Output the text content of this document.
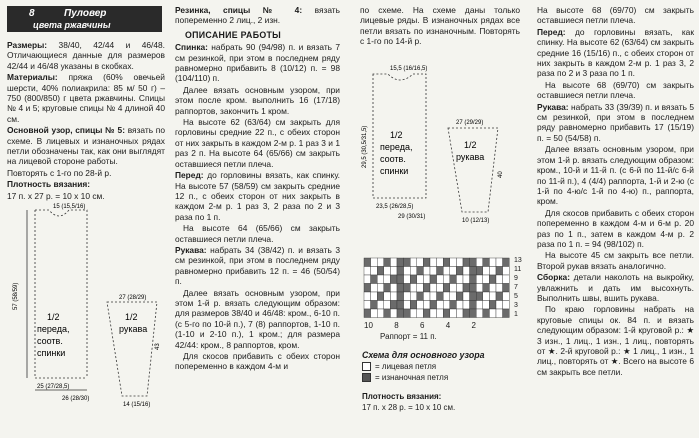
8	Пуловер
цвета ржавчины

Размеры: 38/40, 42/44 и 46/48. Отличающиеся данные для размеров 42/44 и 46/48 указаны в скобках.

Материалы: пряжа (60% овечьей шерсти, 40% полиакрила: 85 м/ 50 г) – 750 (800/850) г цвета ржавчины. Спицы № 4 и 5; круговые спицы № 4 длиной 40 см.

Основной узор, спицы № 5: вязать по схеме. В лицевых и изнаночных рядах петли обозначены так, как они выглядят на лицевой стороне работы.

Повторять с 1-го по 28-й р.

Плотность вязания:

17 п. x 27 р. = 10 x 10 см.

15 (15,5/16)
1/2
передa,
соотв.
спинки
57 (58/59)
25 (27/28,5)
26 (28/30)
27 (28/29)
1/2
рукава
43
14 (15/16)

Резинка, спицы № 4: вязать попеременно 2 лиц., 2 изн.

ОПИСАНИЕ РАБОТЫ

Спинка: набрать 90 (94/98) п. и вязать 7 см резинкой, при этом в последнем ряду равномерно прибавить 8 (10/12) п. = 98 (104/110) п.

Далее вязать основным узором, при этом после кром. выполнить 16 (17/18) раппортов, закончить 1 кром.

На высоте 62 (63/64) см закрыть для горловины средние 22 п., с обеих сторон от них закрыть в каждом 2-м р. 1 раз 3 и 1 раз 2 п. На высоте 64 (65/66) см закрыть оставшиеся петли плеча.

Перед: до горловины вязать, как спинку. На высоте 57 (58/59) см закрыть средние 12 п., с обеих сторон от них закрыть в каждом 2-м р. 1 раз 3, 2 раза по 2 и 3 раза по 1 п.

На высоте 64 (65/66) см закрыть оставшиеся петли плеча.

Рукава: набрать 34 (38/42) п. и вязать 3 см резинкой, при этом в последнем ряду равномерно прибавить 12 п. = 46 (50/54) п.

Далее вязать основным узором, при этом 1-й р. вязать следующим образом: для размеров 38/40 и 46/48: кром., 6-10 п. (с 5-го по 10-й п.), 7 (8) раппортов, 1-10 п. (1-10 и 2-10 п.), 1 кром.; для размера 42/44: кром., 8 раппортов, кром.

Для скосов прибавить с обеих сторон попеременно в каждом 4-м и

по схеме. На схеме даны только лицевые ряды. В изнаночных рядах все петли вязать по изнаночным. Повторять с 1-го по 14-й р.

15,5 (16/16,5)
1/2
передa,
соотв.
спинки
29,5 (30,5/31,5)
23,5 (26/28,5)
29 (30/31)
27 (29/29)
1/2
рукава
40
10 (12/13)
10	8	6	4	2
13
11
9
7
5
3
1
Раппорт = 11 п.
Схема для основного узора
= лицевая петля
= изнаночная петля
Плотность вязания:
17 п. x 28 р. = 10 x 10 см.

На высоте 68 (69/70) см закрыть оставшиеся петли плеча.

Перед: до горловины вязать, как спинку. На высоте 62 (63/64) см закрыть средние 16 (15/16) п., с обеих сторон от них закрыть в каждом 2-м р. 1 раз 3, 2 раза по 2 и 3 раза по 1 п.

На высоте 68 (69/70) см закрыть оставшиеся петли плеча.

Рукава: набрать 33 (39/39) п. и вязать 5 см резинкой, при этом в последнем ряду равномерно прибавить 17 (15/19) п. = 50 (54/58) п.

Далее вязать основным узором, при этом 1-й р. вязать следующим образом: кром., 10-й и 11-й п. (с 6-й по 11-й/с 6-й по 11-й п.), 4 (4/4) раппорта, 1-й и 2-ю (с 1-й по 4-ю/с 1-й по 4-ю) п., раппорта, кром.

Для скосов прибавить с обеих сторон попеременно в каждом 4-м и 6-м р. 20 раз по 1 п., затем в каждом 4-м р. 2 раза по 1 п. = 94 (98/102) п.

На высоте 45 см закрыть все петли. Второй рукав вязать аналогично.

Сборка: детали наколоть на выкройку, увлажнить и дать им высохнуть. Выполнить швы, вшить рукава.

По краю горловины набрать на круговые спицы ок. 84 п. и вязать следующим образом: 1-й круговой р.: ★ 3 изн., 1 лиц., 1 изн., 1 лиц., повторять от ★. 2-й круговой р.: ★ 1 лиц., 1 изн., 1 лиц., повторять от ★. Всего на высоте 6 см закрыть все петли.
